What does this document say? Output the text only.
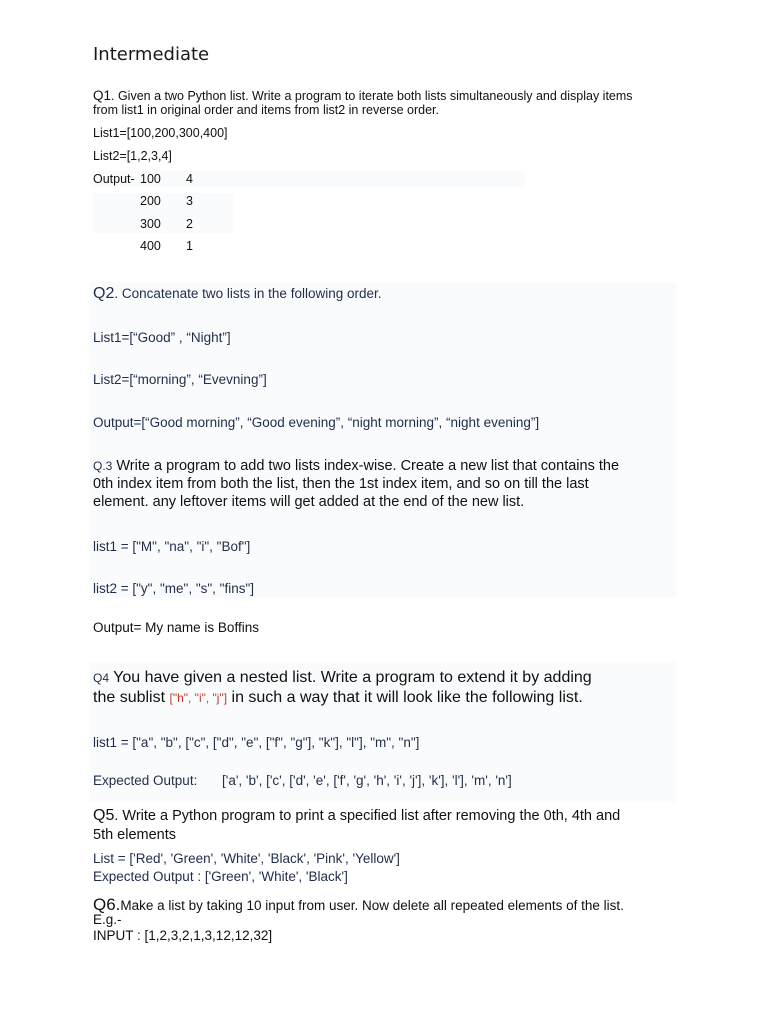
Intermediate
Q1. Given a two Python list. Write a program to iterate both lists simultaneously and display items
from list1 in original order and items from list2 in reverse order.
List1=[100,200,300,400]
List2=[1,2,3,4]
Output- 100 4
200 3
300 2
400 1
Q2. Concatenate two lists in the following order.
List1=[“Good” , “Night”]
List2=[“morning”, “Evevning”]
Output=[“Good morning”, “Good evening”, “night morning”, “night evening”]
Q.3 Write a program to add two lists index-wise. Create a new list that contains the
0th index item from both the list, then the 1st index item, and so on till the last
element. any leftover items will get added at the end of the new list.
list1 = ["M", "na", "i", "Bof"]
list2 = ["y", "me", "s", "fins"]
Output= My name is Boffins
Q4 You have given a nested list. Write a program to extend it by adding
the sublist ["h", "i", "j"] in such a way that it will look like the following list.
list1 = ["a", "b", ["c", ["d", "e", ["f", "g"], "k"], "l"], "m", "n"]
Expected Output: ['a', 'b', ['c', ['d', 'e', ['f', 'g', 'h', 'i', 'j'], 'k'], 'l'], 'm', 'n']
Q5. Write a Python program to print a specified list after removing the 0th, 4th and
5th elements
List = ['Red', 'Green', 'White', 'Black', 'Pink', 'Yellow']
Expected Output : ['Green', 'White', 'Black']
Q6.Make a list by taking 10 input from user. Now delete all repeated elements of the list.
E.g.-
INPUT : [1,2,3,2,1,3,12,12,32]
